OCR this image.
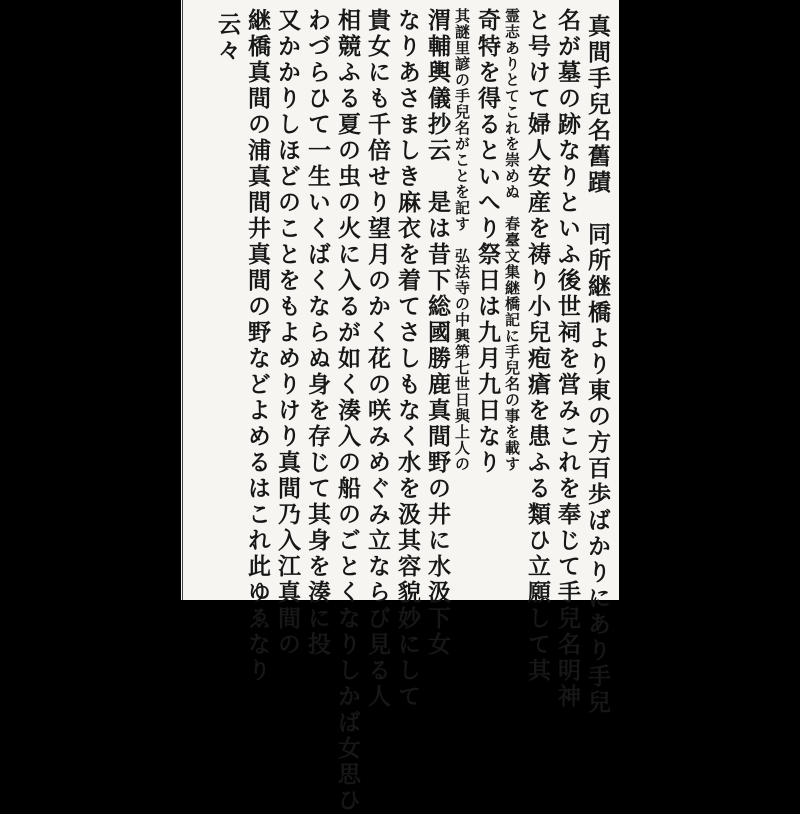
真間手兒名舊蹟　同所継橋より東の方百歩ばかりにあり手兒
名が墓の跡なりといふ後世祠を営みこれを奉じて手兒名明神
と号けて婦人安産を祷り小兒疱瘡を患ふる類ひ立願して其
霊志ありとてこれを崇めぬ　春臺文集継橋記に手兒名の事を載す
奇特を得るといへり祭日は九月九日なり
其謎里諺の手兒名がことを記す　弘法寺の中興第七世日與上人の
渭輔輿儀抄云　是は昔下総國勝鹿真間野の井に水汲下女
なりあさましき麻衣を着てさしもなく水を汲其容貌妙にして
貴女にも千倍せり望月のかく花の咲みめぐみ立ならび見る人
相競ふる夏の虫の火に入るが如く湊入の船のごとくなりしかば女思ひ
わづらひて一生いくばくならぬ身を存じて其身を湊に投
又かかりしほどのことをもよめりけり真間乃入江真間の
継橋真間の浦真間井真間の野などよめるはこれ此ゆゑなり
云々
